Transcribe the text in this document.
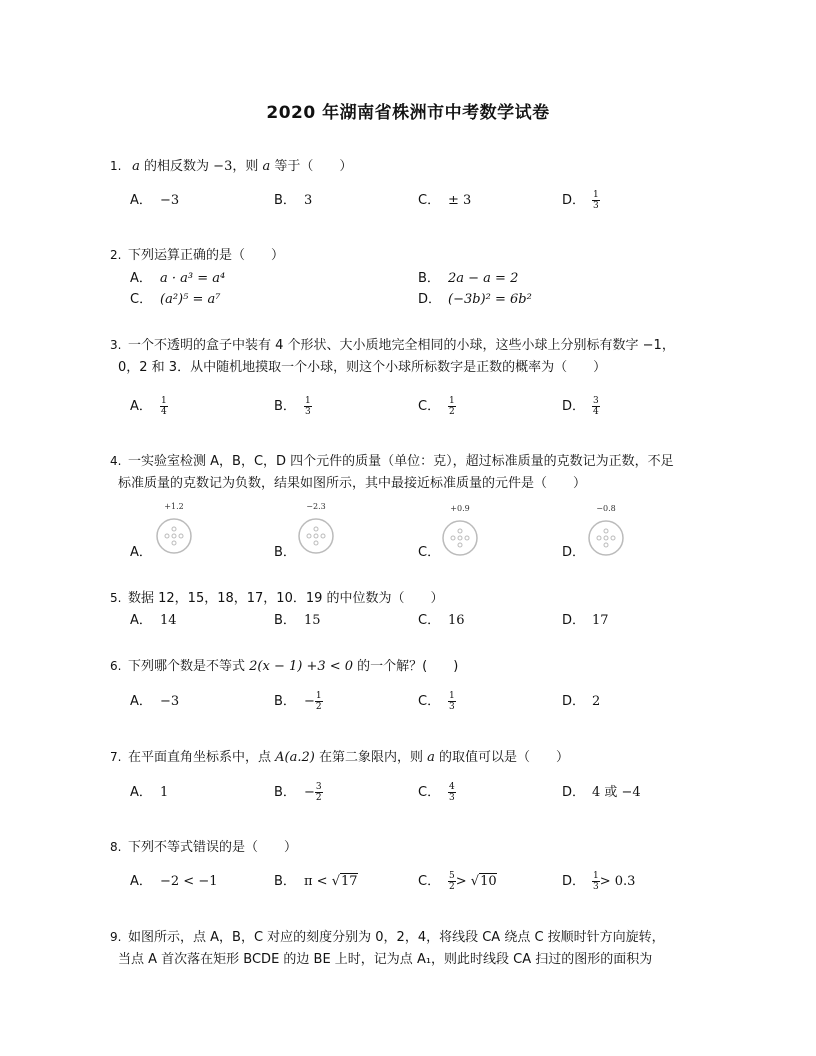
2020 年湖南省株洲市中考数学试卷
1. a 的相反数为 −3，则 a 等于（　　）
A． −3	B． 3	C． ± 3	D． $\frac{1}{3}$
2. 下列运算正确的是（　　）
A． a · a³ = a⁴	B． 2a − a = 2
C． (a²)⁵ = a⁷	D． (−3b)² = 6b²
3. 一个不透明的盒子中装有 4 个形状、大小质地完全相同的小球，这些小球上分别标有数字 −1，
0，2 和 3．从中随机地摸取一个小球，则这个小球所标数字是正数的概率为（　　）
A． $\frac{1}{4}$	B． $\frac{1}{3}$	C． $\frac{1}{2}$	D． $\frac{3}{4}$
4. 一实验室检测 A，B，C，D 四个元件的质量（单位：克），超过标准质量的克数记为正数，不足
标准质量的克数记为负数，结果如图所示，其中最接近标准质量的元件是（　　）
A．	B．	C．	D．
+1.2	−2.3	+0.9	−0.8
5. 数据 12，15，18，17，10．19 的中位数为（　　）
A． 14	B． 15	C． 16	D． 17
6. 下列哪个数是不等式 2(x − 1) +3 < 0 的一个解？(　　)
A． −3	B． − $\frac{1}{2}$	C． $\frac{1}{3}$	D． 2
7. 在平面直角坐标系中，点 A(a.2) 在第二象限内，则 a 的取值可以是（　　）
A． 1	B． − $\frac{3}{2}$	C． $\frac{4}{3}$	D． 4 或 −4
8. 下列不等式错误的是（　　）
A． −2 < −1	B． π < √17	C． $\frac{5}{2} > √10$	D． $\frac{1}{3} > 0.3$
9. 如图所示，点 A，B，C 对应的刻度分别为 0，2，4，将线段 CA 绕点 C 按顺时针方向旋转，
当点 A 首次落在矩形 BCDE 的边 BE 上时，记为点 A₁，则此时线段 CA 扫过的图形的面积为
